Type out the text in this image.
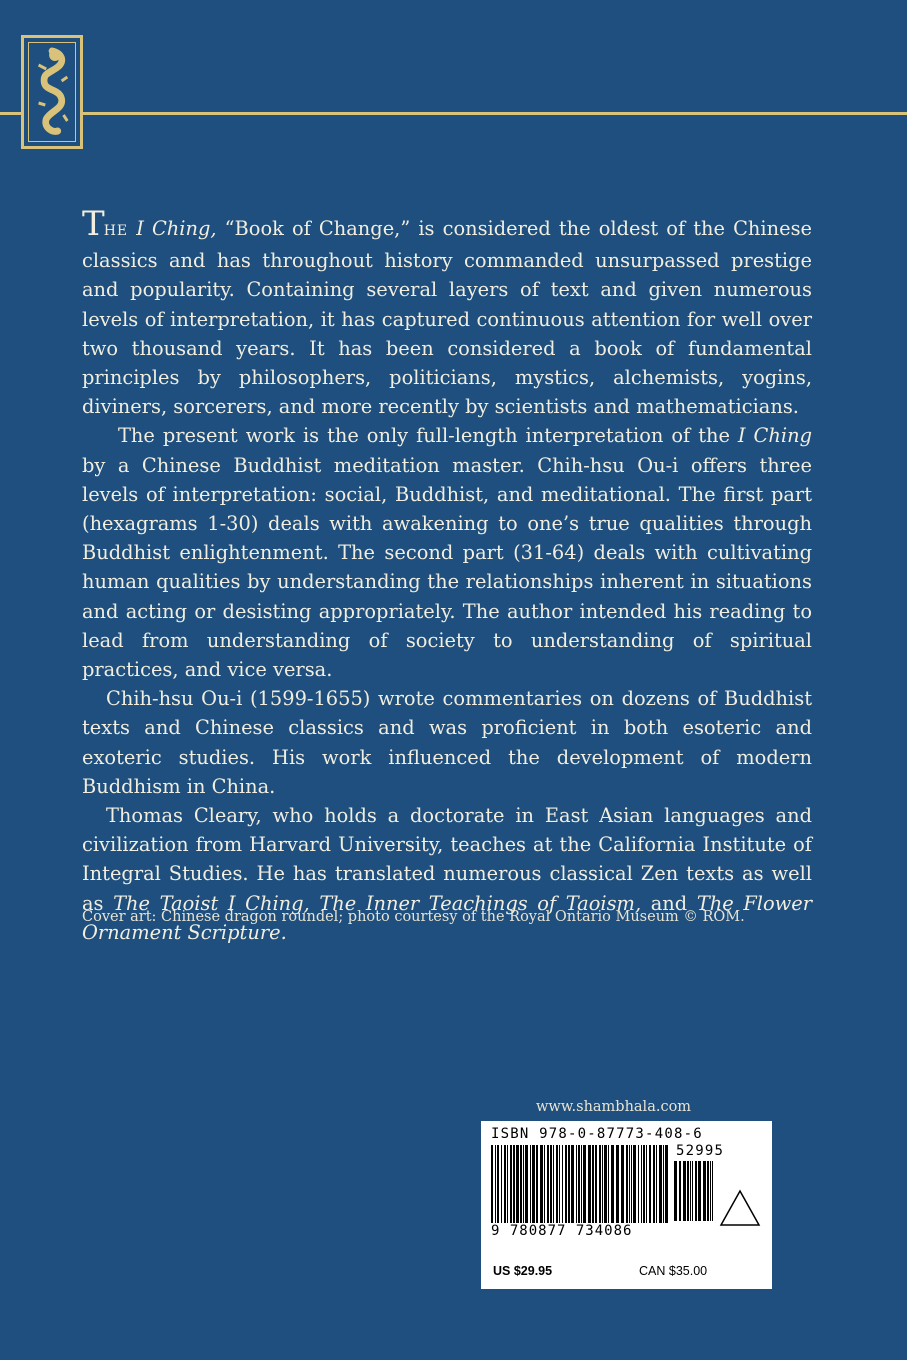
THE I Ching, “Book of Change,” is considered the oldest of the Chinese classics and has throughout history commanded unsurpassed prestige and popularity. Containing several layers of text and given numerous levels of interpretation, it has captured continuous attention for well over two thousand years. It has been considered a book of fundamental principles by philosophers, politicians, mystics, alchemists, yogins, diviners, sorcerers, and more recently by scientists and mathematicians.

The present work is the only full-length interpretation of the I Ching by a Chinese Buddhist meditation master. Chih-hsu Ou-i offers three levels of interpretation: social, Buddhist, and meditational. The first part (hexagrams 1-30) deals with awakening to one’s true qualities through Buddhist enlightenment. The second part (31-64) deals with cultivating human qualities by understanding the relationships inherent in situations and acting or desisting appropriately. The author intended his reading to lead from understanding of society to understanding of spiritual practices, and vice versa.

Chih-hsu Ou-i (1599-1655) wrote commentaries on dozens of Buddhist texts and Chinese classics and was proficient in both esoteric and exoteric studies. His work influenced the development of modern Buddhism in China.

Thomas Cleary, who holds a doctorate in East Asian languages and civilization from Harvard University, teaches at the California Institute of Integral Studies. He has translated numerous classical Zen texts as well as The Taoist I Ching, The Inner Teachings of Taoism, and The Flower Ornament Scripture.

Cover art: Chinese dragon roundel; photo courtesy of the Royal Ontario Museum © ROM.
www.shambhala.com
ISBN 978-0-87773-408-6
52995
9 780877 734086
US $29.95	CAN $35.00
